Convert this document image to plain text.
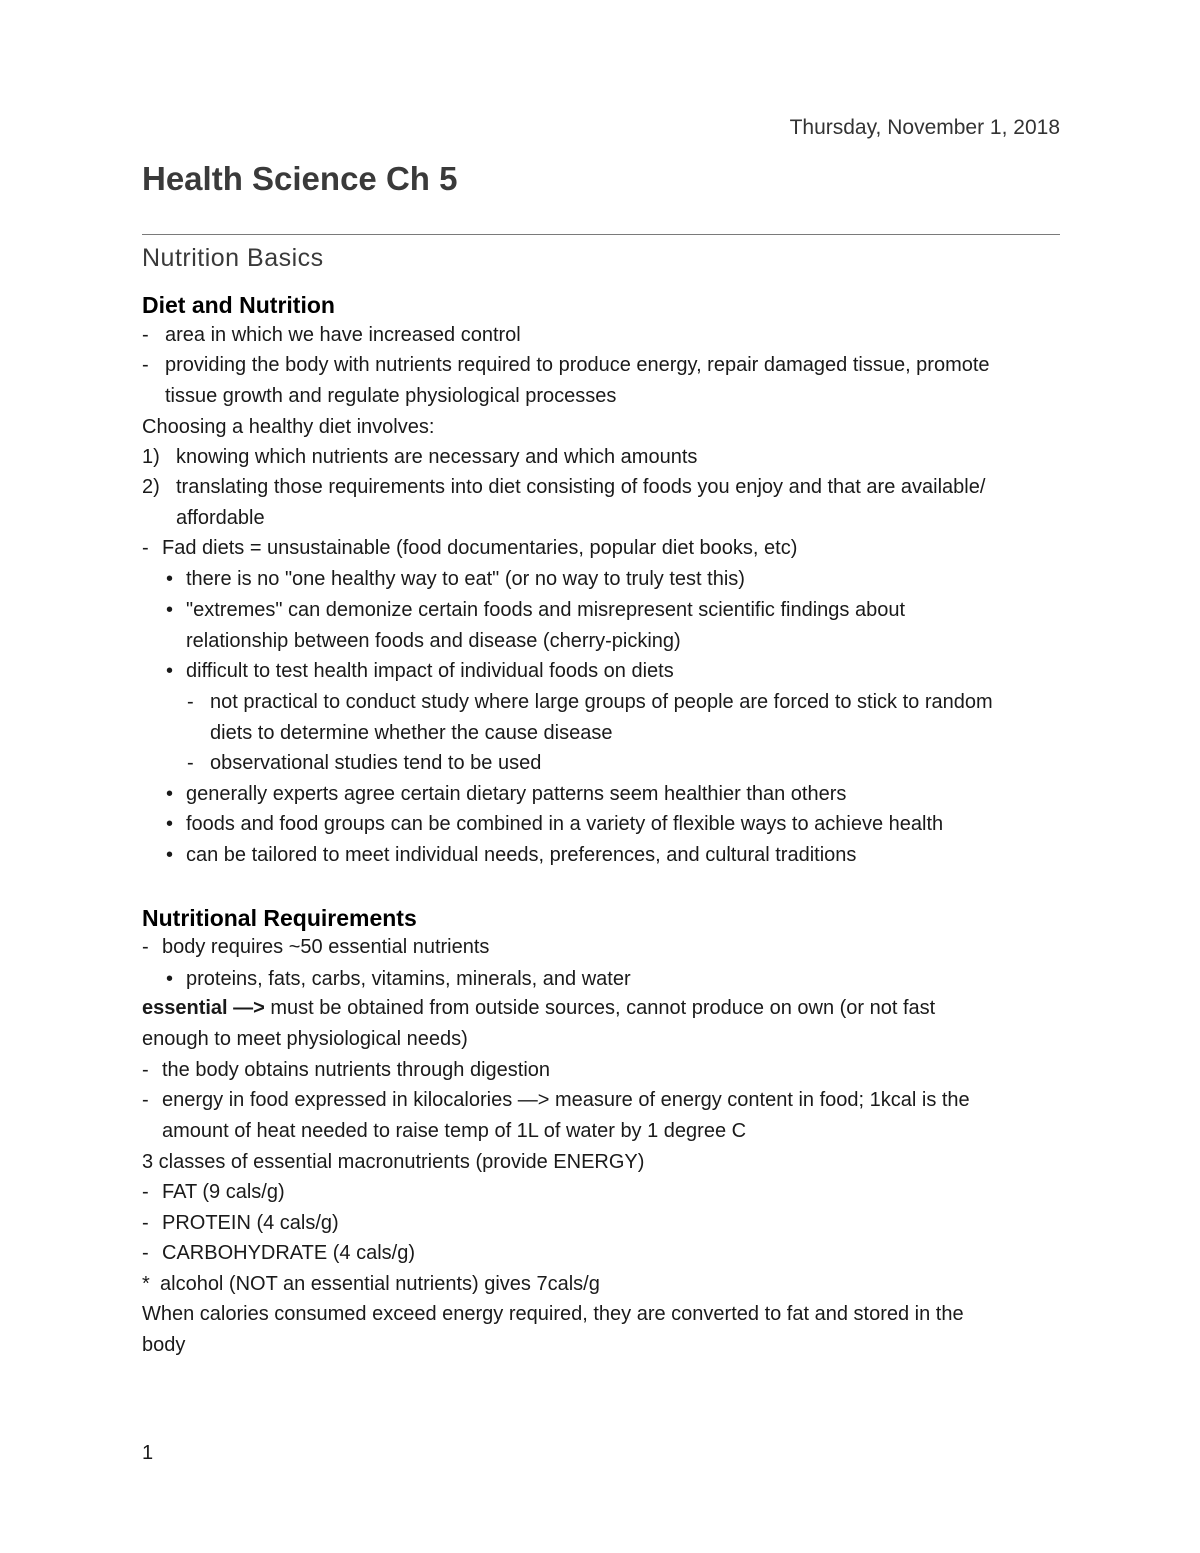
Thursday, November 1, 2018
Health Science Ch 5
Nutrition Basics
Diet and Nutrition
- area in which we have increased control
- providing the body with nutrients required to produce energy, repair damaged tissue, promote
tissue growth and regulate physiological processes
Choosing a healthy diet involves:
1) knowing which nutrients are necessary and which amounts
2) translating those requirements into diet consisting of foods you enjoy and that are available/
affordable
- Fad diets = unsustainable (food documentaries, popular diet books, etc)
• there is no "one healthy way to eat" (or no way to truly test this)
• "extremes" can demonize certain foods and misrepresent scientific findings about
relationship between foods and disease (cherry-picking)
• difficult to test health impact of individual foods on diets
- not practical to conduct study where large groups of people are forced to stick to random
diets to determine whether the cause disease
- observational studies tend to be used
• generally experts agree certain dietary patterns seem healthier than others
• foods and food groups can be combined in a variety of flexible ways to achieve health
• can be tailored to meet individual needs, preferences, and cultural traditions
Nutritional Requirements
- body requires ~50 essential nutrients
• proteins, fats, carbs, vitamins, minerals, and water
essential —> must be obtained from outside sources, cannot produce on own (or not fast
enough to meet physiological needs)
- the body obtains nutrients through digestion
- energy in food expressed in kilocalories —> measure of energy content in food; 1kcal is the
amount of heat needed to raise temp of 1L of water by 1 degree C
3 classes of essential macronutrients (provide ENERGY)
- FAT (9 cals/g)
- PROTEIN (4 cals/g)
- CARBOHYDRATE (4 cals/g)
* alcohol (NOT an essential nutrients) gives 7cals/g
When calories consumed exceed energy required, they are converted to fat and stored in the
body
1
